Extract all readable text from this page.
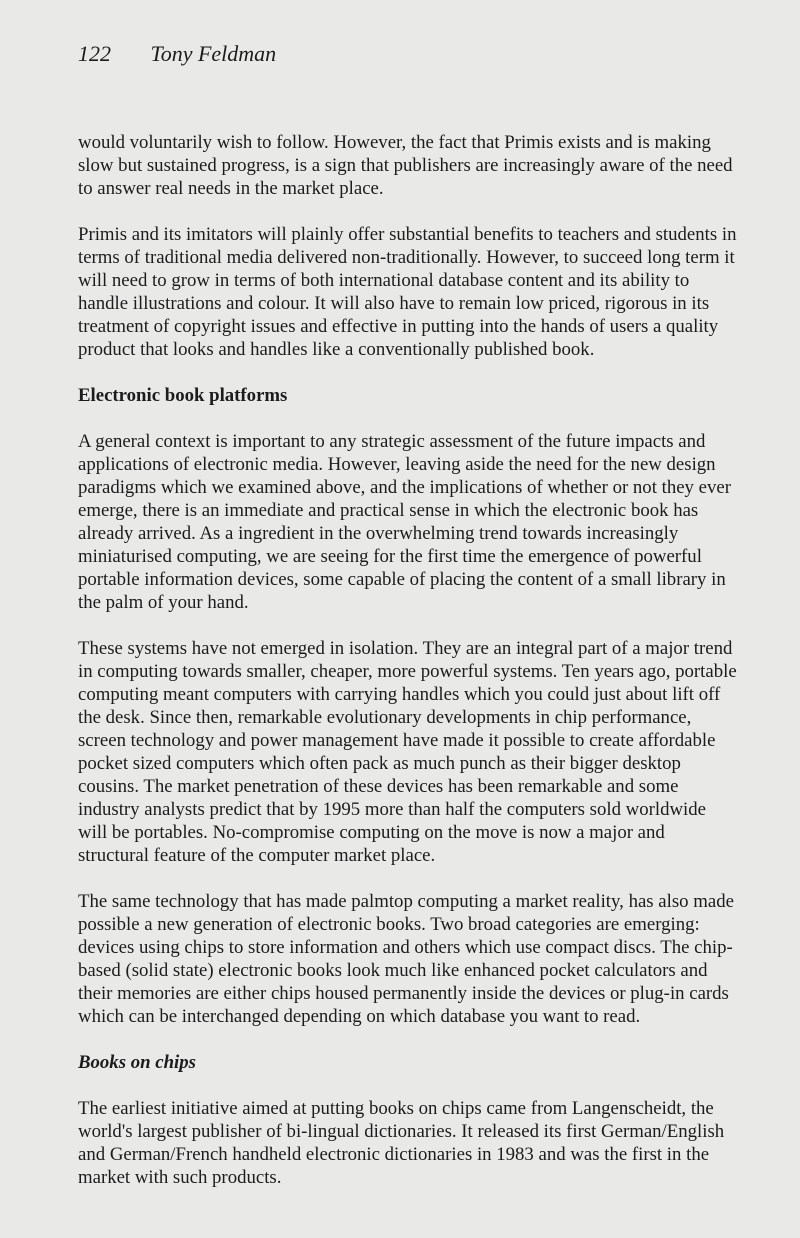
122 Tony Feldman

would voluntarily wish to follow. However, the fact that Primis exists and is making slow but sustained progress, is a sign that publishers are increasingly aware of the need to answer real needs in the market place.

Primis and its imitators will plainly offer substantial benefits to teachers and students in terms of traditional media delivered non-traditionally. However, to succeed long term it will need to grow in terms of both international database content and its ability to handle illustrations and colour. It will also have to remain low priced, rigorous in its treatment of copyright issues and effective in putting into the hands of users a quality product that looks and handles like a conventionally published book.

Electronic book platforms

A general context is important to any strategic assessment of the future impacts and applications of electronic media. However, leaving aside the need for the new design paradigms which we examined above, and the implications of whether or not they ever emerge, there is an immediate and practical sense in which the electronic book has already arrived. As a ingredient in the overwhelming trend towards increasingly miniaturised computing, we are seeing for the first time the emergence of powerful portable information devices, some capable of placing the content of a small library in the palm of your hand.

These systems have not emerged in isolation. They are an integral part of a major trend in computing towards smaller, cheaper, more powerful systems. Ten years ago, portable computing meant computers with carrying handles which you could just about lift off the desk. Since then, remarkable evolutionary developments in chip performance, screen technology and power management have made it possible to create affordable pocket sized computers which often pack as much punch as their bigger desktop cousins. The market penetration of these devices has been remarkable and some industry analysts predict that by 1995 more than half the computers sold worldwide will be portables. No-compromise computing on the move is now a major and structural feature of the computer market place.

The same technology that has made palmtop computing a market reality, has also made possible a new generation of electronic books. Two broad categories are emerging: devices using chips to store information and others which use compact discs. The chip-based (solid state) electronic books look much like enhanced pocket calculators and their memories are either chips housed permanently inside the devices or plug-in cards which can be interchanged depending on which database you want to read.

Books on chips

The earliest initiative aimed at putting books on chips came from Langenscheidt, the world's largest publisher of bi-lingual dictionaries. It released its first German/English and German/French handheld electronic dictionaries in 1983 and was the first in the market with such products.
